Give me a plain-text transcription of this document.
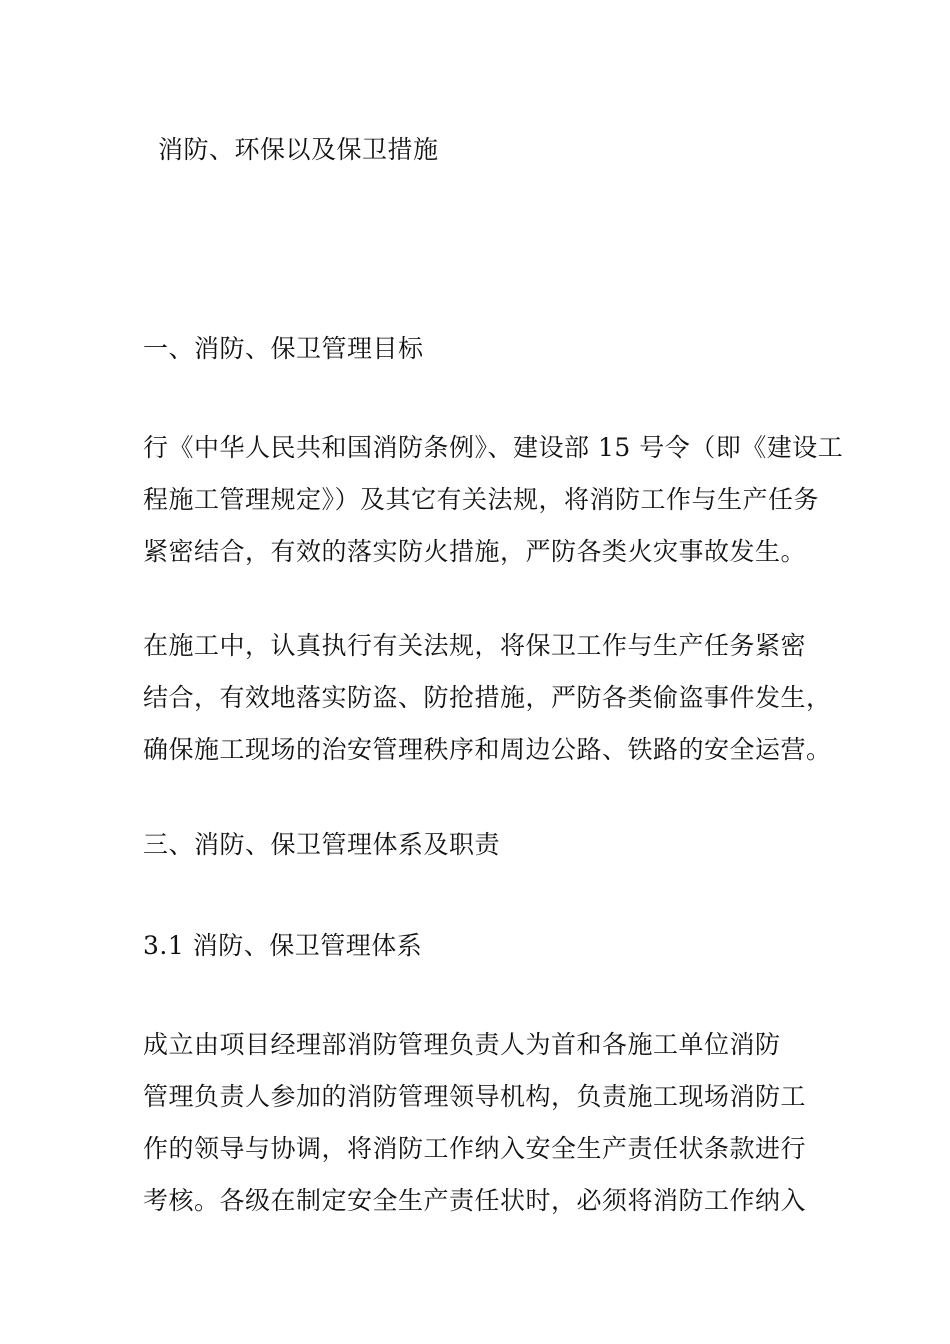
消防、环保以及保卫措施
一、消防、保卫管理目标

行《中华人民共和国消防条例》、建设部 15 号令（即《建设工
程施工管理规定》）及其它有关法规，将消防工作与生产任务
紧密结合，有效的落实防火措施，严防各类火灾事故发生。

在施工中，认真执行有关法规，将保卫工作与生产任务紧密
结合，有效地落实防盗、防抢措施，严防各类偷盗事件发生，
确保施工现场的治安管理秩序和周边公路、铁路的安全运营。

三、消防、保卫管理体系及职责
3.1 消防、保卫管理体系

成立由项目经理部消防管理负责人为首和各施工单位消防
管理负责人参加的消防管理领导机构，负责施工现场消防工
作的领导与协调，将消防工作纳入安全生产责任状条款进行
考核。各级在制定安全生产责任状时，必须将消防工作纳入
